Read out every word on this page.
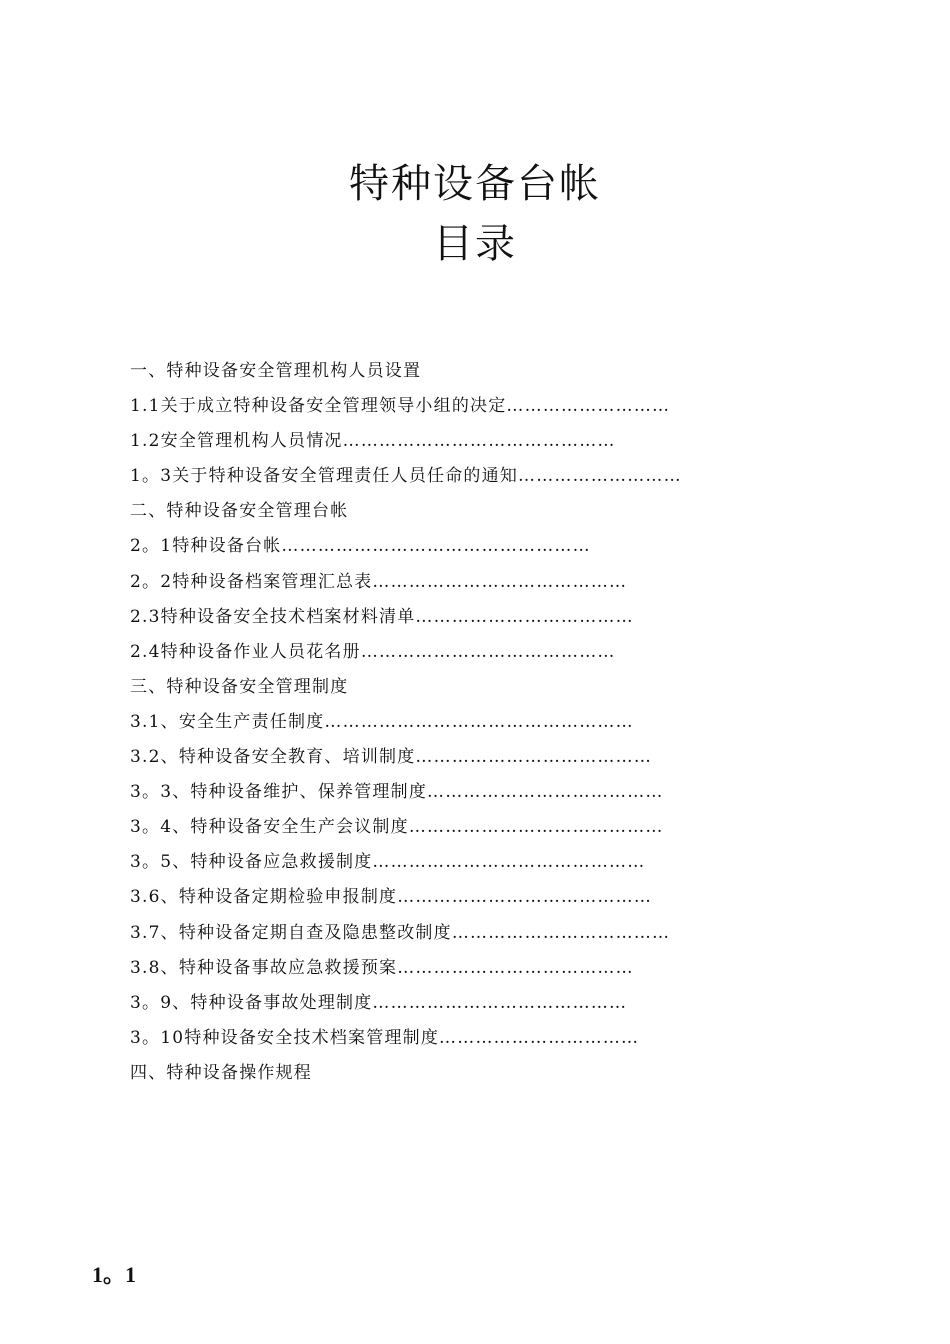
特种设备台帐
目录
一、特种设备安全管理机构人员设置
1.1关于成立特种设备安全管理领导小组的决定………………………
1.2安全管理机构人员情况………………………………………
1。3关于特种设备安全管理责任人员任命的通知………………………
二、特种设备安全管理台帐
2。1特种设备台帐……………………………………………
2。2特种设备档案管理汇总表……………………………………
2.3特种设备安全技术档案材料清单………………………………
2.4特种设备作业人员花名册……………………………………
三、特种设备安全管理制度
3.1、安全生产责任制度……………………………………………
3.2、特种设备安全教育、培训制度…………………………………
3。3、特种设备维护、保养管理制度…………………………………
3。4、特种设备安全生产会议制度……………………………………
3。5、特种设备应急救援制度………………………………………
3.6、特种设备定期检验申报制度……………………………………
3.7、特种设备定期自查及隐患整改制度………………………………
3.8、特种设备事故应急救援预案…………………………………
3。9、特种设备事故处理制度……………………………………
3。10特种设备安全技术档案管理制度……………………………
四、特种设备操作规程
1。1
